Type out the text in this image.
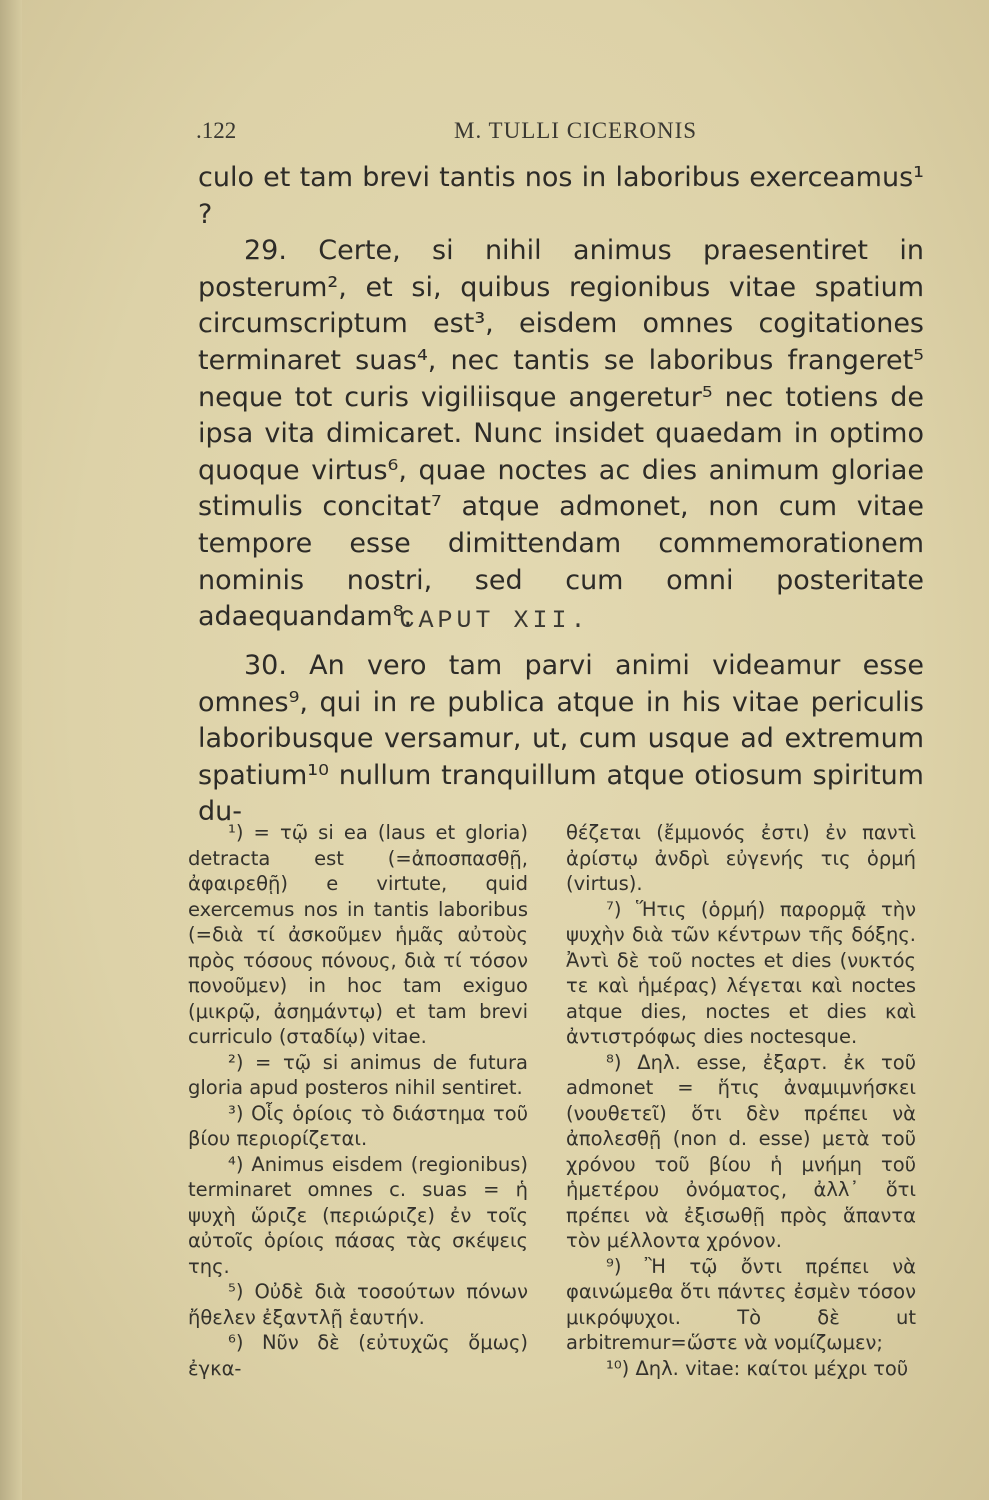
.122	M. TULLI CICERONIS

culo et tam brevi tantis nos in laboribus exerceamus¹ ?

29. Certe, si nihil animus praesentiret in posterum², et si, quibus regionibus vitae spatium circumscriptum est³, eisdem omnes cogitationes terminaret suas⁴, nec tantis se laboribus frangeret⁵ neque tot curis vigiliisque angeretur⁵ nec totiens de ipsa vita dimicaret. Nunc insidet quaedam in optimo quoque virtus⁶, quae noctes ac dies animum gloriae stimulis concitat⁷ atque admonet, non cum vitae tempore esse dimittendam commemorationem nominis nostri, sed cum omni posteritate adaequandam⁸.

CAPUT XII.

30. An vero tam parvi animi videamur esse omnes⁹, qui in re publica atque in his vitae periculis laboribusque versamur, ut, cum usque ad extremum spatium¹⁰ nullum tranquillum atque otiosum spiritum du-

¹) = τῷ si ea (laus et gloria) detracta est (=ἀποσπασθῇ, ἀφαιρεθῇ) e virtute, quid exercemus nos in tantis laboribus (=διὰ τί ἀσκοῦμεν ἡμᾶς αὐτοὺς πρὸς τόσους πόνους, διὰ τί τόσον πονοῦμεν) in hoc tam exiguo (μικρῷ, ἀσημάντῳ) et tam brevi curriculo (σταδίῳ) vitae.

²) = τῷ si animus de futura gloria apud posteros nihil sentiret.

³) Οἷς ὁρίοις τὸ διάστημα τοῦ βίου περιορίζεται.

⁴) Animus eisdem (regionibus) terminaret omnes c. suas = ἡ ψυχὴ ὥριζε (περιώριζε) ἐν τοῖς αὐτοῖς ὁρίοις πάσας τὰς σκέψεις της.

⁵) Οὐδὲ διὰ τοσούτων πόνων ἤθελεν ἐξαντλῇ ἑαυτήν.

⁶) Νῦν δὲ (εὐτυχῶς ὅμως) ἐγκα-

θέζεται (ἔμμονός ἐστι) ἐν παντὶ ἀρίστῳ ἀνδρὶ εὐγενής τις ὁρμή (virtus).

⁷) Ἥτις (ὁρμή) παρορμᾷ τὴν ψυχὴν διὰ τῶν κέντρων τῆς δόξης. Ἀντὶ δὲ τοῦ noctes et dies (νυκτός τε καὶ ἡμέρας) λέγεται καὶ noctes atque dies, noctes et dies καὶ ἀντιστρόφως dies noctesque.

⁸) Δηλ. esse, ἐξαρτ. ἐκ τοῦ admonet = ἥτις ἀναμιμνήσκει (νουθετεῖ) ὅτι δὲν πρέπει νὰ ἀπολεσθῇ (non d. esse) μετὰ τοῦ χρόνου τοῦ βίου ἡ μνήμη τοῦ ἡμετέρου ὀνόματος, ἀλλ᾽ ὅτι πρέπει νὰ ἐξισωθῇ πρὸς ἅπαντα τὸν μέλλοντα χρόνον.

⁹) Ἢ τῷ ὄντι πρέπει νὰ φαινώμεθα ὅτι πάντες ἐσμὲν τόσον μικρόψυχοι. Τὸ δὲ ut arbitremur=ὥστε νὰ νομίζωμεν;

¹⁰) Δηλ. vitae: καίτοι μέχρι τοῦ
